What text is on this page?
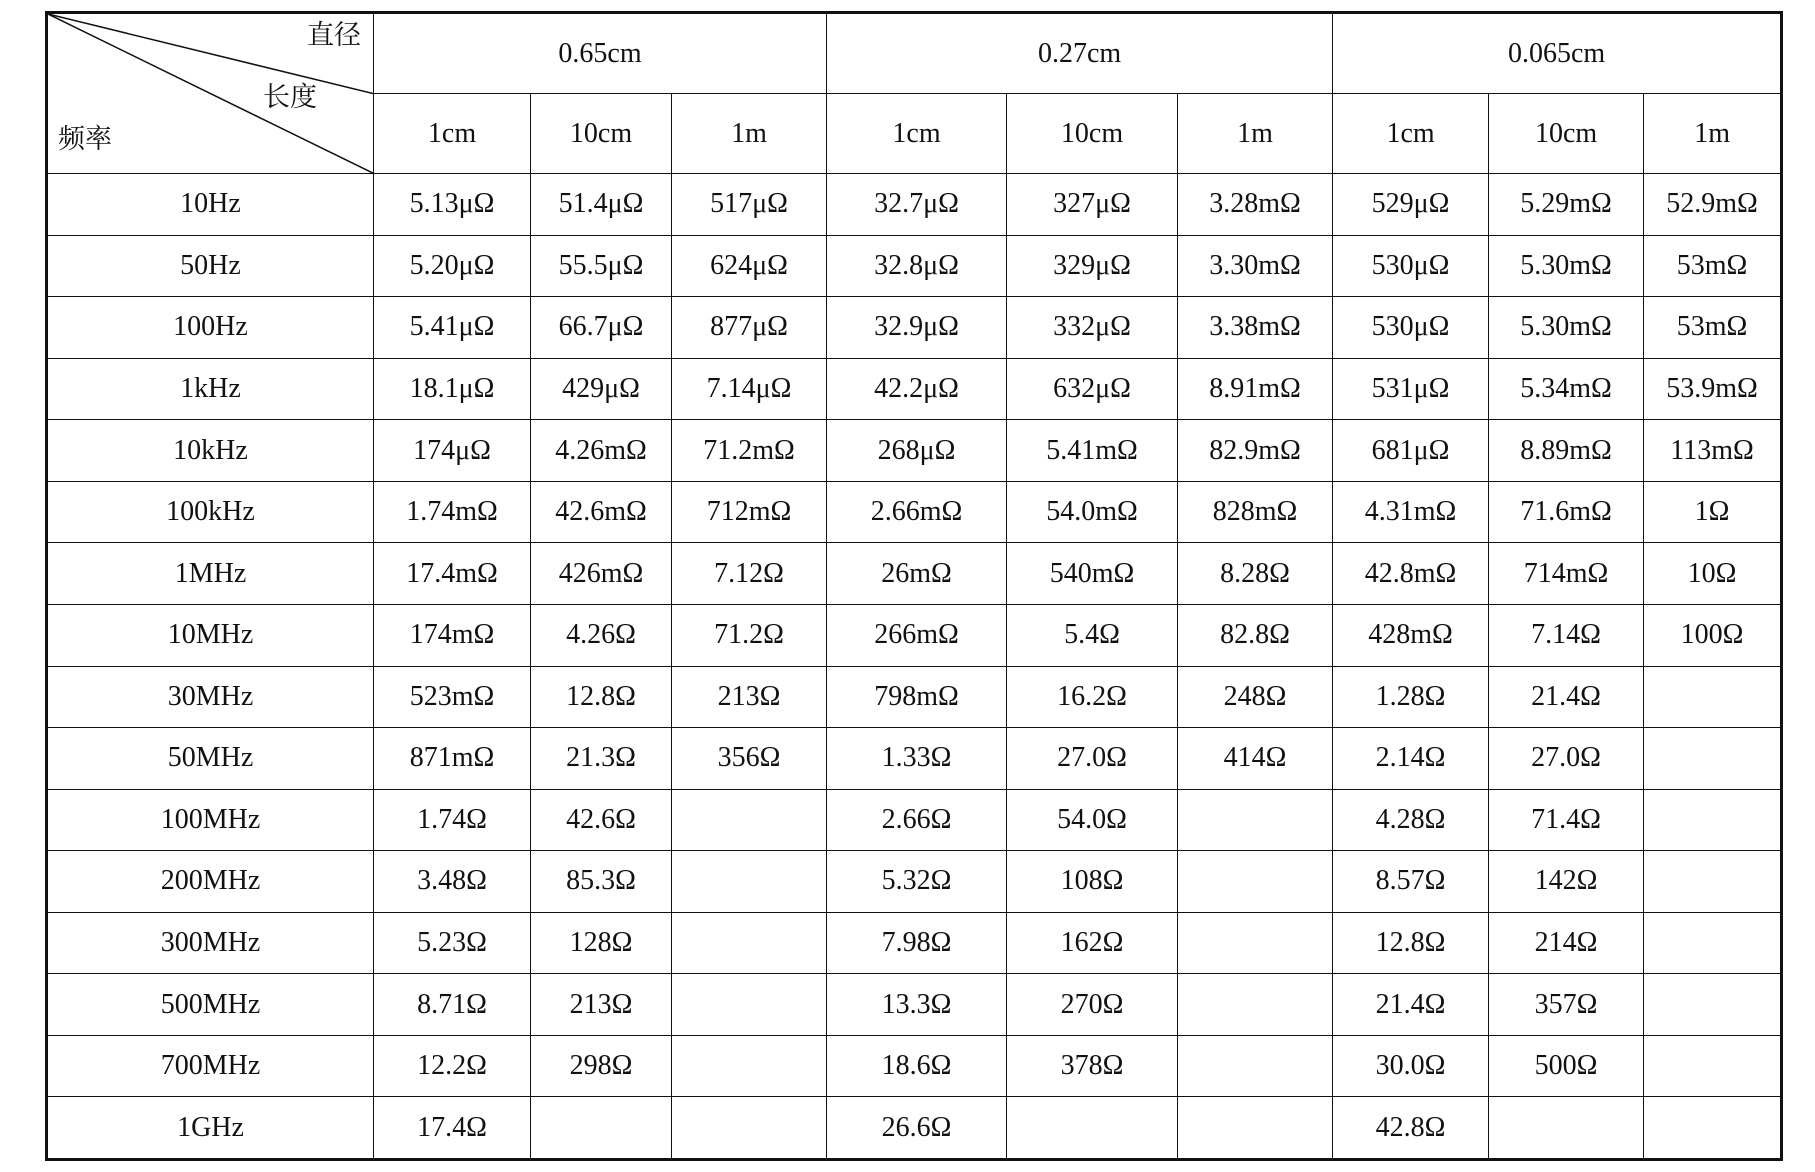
直径
长度
频率	0.65cm			0.27cm			0.065cm		
	1cm	10cm	1m	1cm	10cm	1m	1cm	10cm	1m
10Hz	5.13μΩ	51.4μΩ	517μΩ	32.7μΩ	327μΩ	3.28mΩ	529μΩ	5.29mΩ	52.9mΩ
50Hz	5.20μΩ	55.5μΩ	624μΩ	32.8μΩ	329μΩ	3.30mΩ	530μΩ	5.30mΩ	53mΩ
100Hz	5.41μΩ	66.7μΩ	877μΩ	32.9μΩ	332μΩ	3.38mΩ	530μΩ	5.30mΩ	53mΩ
1kHz	18.1μΩ	429μΩ	7.14μΩ	42.2μΩ	632μΩ	8.91mΩ	531μΩ	5.34mΩ	53.9mΩ
10kHz	174μΩ	4.26mΩ	71.2mΩ	268μΩ	5.41mΩ	82.9mΩ	681μΩ	8.89mΩ	113mΩ
100kHz	1.74mΩ	42.6mΩ	712mΩ	2.66mΩ	54.0mΩ	828mΩ	4.31mΩ	71.6mΩ	1Ω
1MHz	17.4mΩ	426mΩ	7.12Ω	26mΩ	540mΩ	8.28Ω	42.8mΩ	714mΩ	10Ω
10MHz	174mΩ	4.26Ω	71.2Ω	266mΩ	5.4Ω	82.8Ω	428mΩ	7.14Ω	100Ω
30MHz	523mΩ	12.8Ω	213Ω	798mΩ	16.2Ω	248Ω	1.28Ω	21.4Ω	
50MHz	871mΩ	21.3Ω	356Ω	1.33Ω	27.0Ω	414Ω	2.14Ω	27.0Ω	
100MHz	1.74Ω	42.6Ω		2.66Ω	54.0Ω		4.28Ω	71.4Ω	
200MHz	3.48Ω	85.3Ω		5.32Ω	108Ω		8.57Ω	142Ω	
300MHz	5.23Ω	128Ω		7.98Ω	162Ω		12.8Ω	214Ω	
500MHz	8.71Ω	213Ω		13.3Ω	270Ω		21.4Ω	357Ω	
700MHz	12.2Ω	298Ω		18.6Ω	378Ω		30.0Ω	500Ω	
1GHz	17.4Ω			26.6Ω			42.8Ω		
